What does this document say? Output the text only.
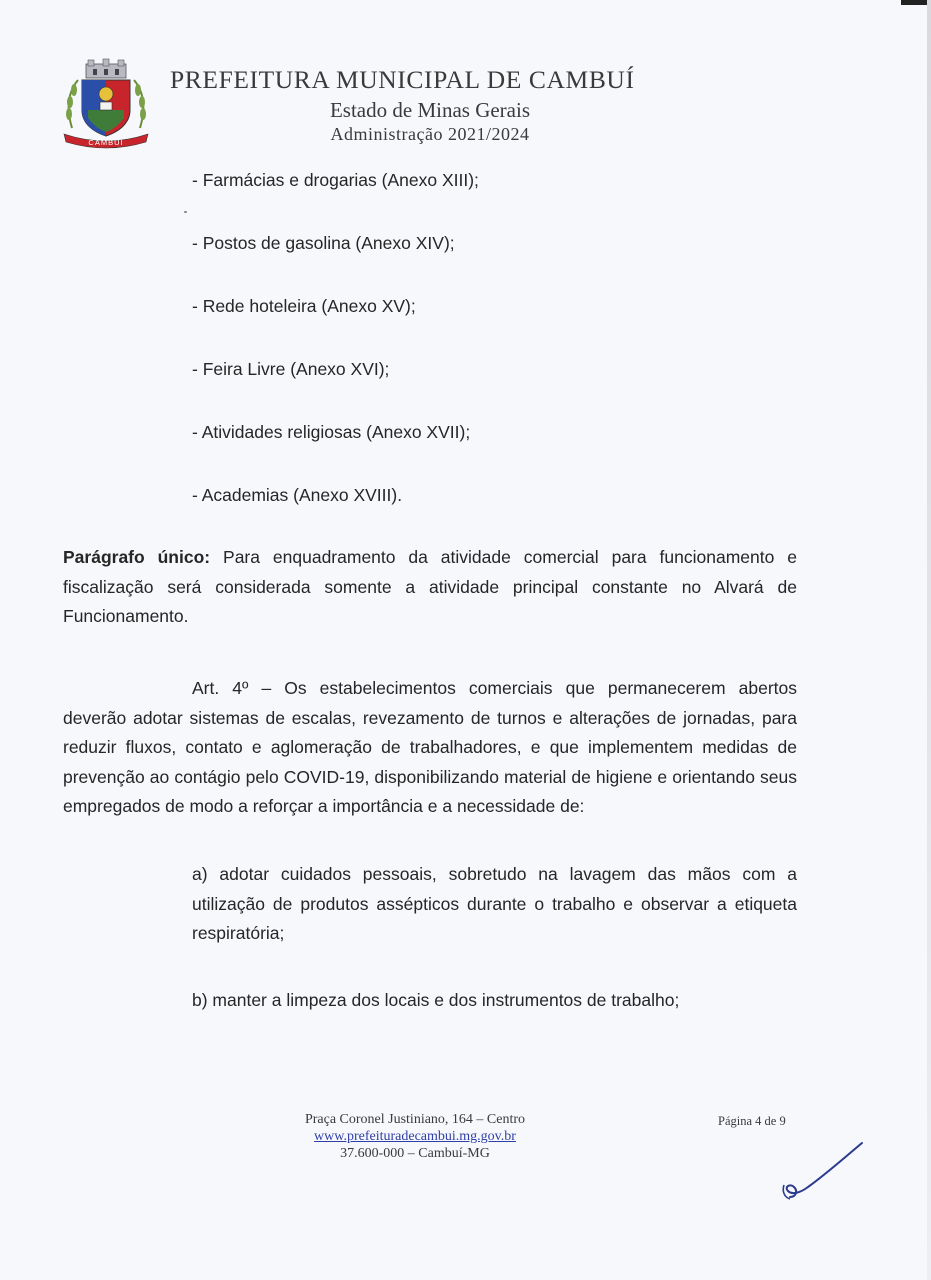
CAMBUÍ
PREFEITURA MUNICIPAL DE CAMBUÍ
Estado de Minas Gerais
Administração 2021/2024
- Farmácias e drogarias (Anexo XIII);
- Postos de gasolina (Anexo XIV);
- Rede hoteleira (Anexo XV);
- Feira Livre (Anexo XVI);
- Atividades religiosas (Anexo XVII);
- Academias (Anexo XVIII).
Parágrafo único: Para enquadramento da atividade comercial para funcionamento e fiscalização será considerada somente a atividade principal constante no Alvará de Funcionamento.
Art. 4º – Os estabelecimentos comerciais que permanecerem abertos deverão adotar sistemas de escalas, revezamento de turnos e alterações de jornadas, para reduzir fluxos, contato e aglomeração de trabalhadores, e que implementem medidas de prevenção ao contágio pelo COVID-19, disponibilizando material de higiene e orientando seus empregados de modo a reforçar a importância e a necessidade de:
a) adotar cuidados pessoais, sobretudo na lavagem das mãos com a utilização de produtos assépticos durante o trabalho e observar a etiqueta respiratória;
b) manter a limpeza dos locais e dos instrumentos de trabalho;
Praça Coronel Justiniano, 164 – Centro
www.prefeituradecambui.mg.gov.br
37.600-000 – Cambuí-MG
Página 4 de 9
